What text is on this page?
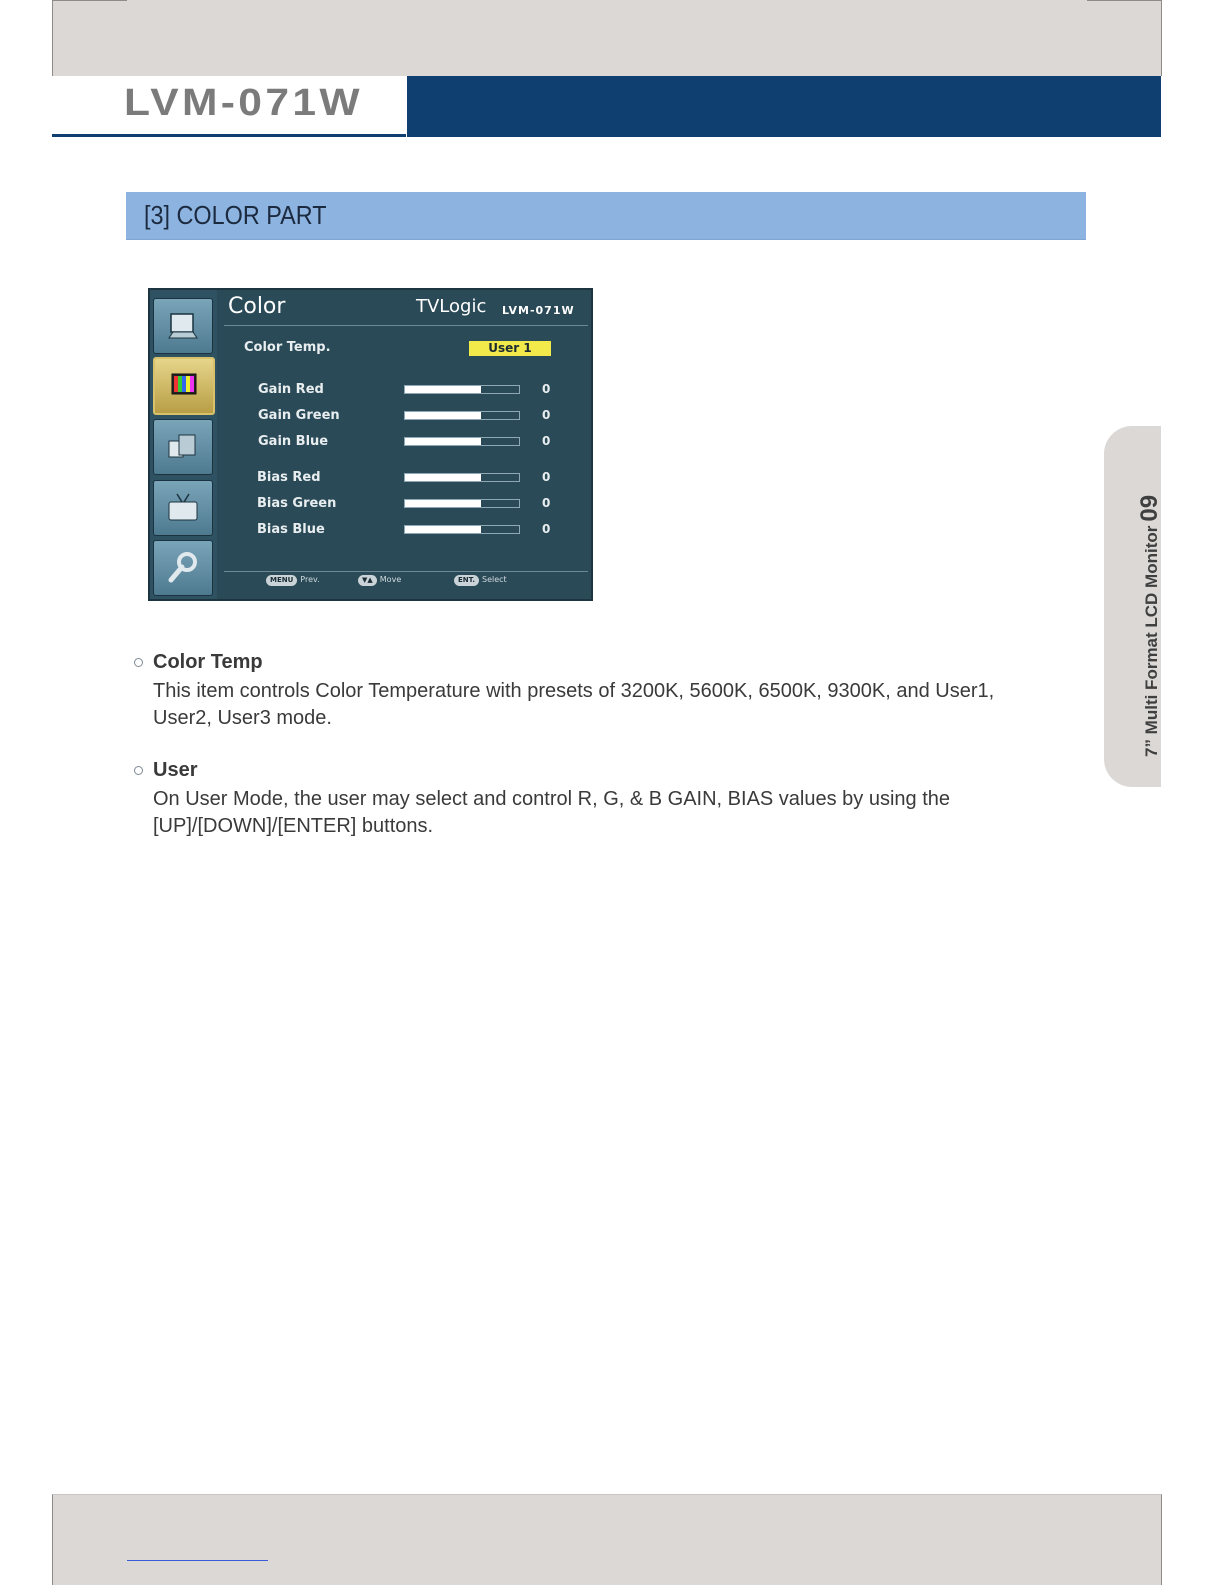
LVM-071W
[3] COLOR PART
Color	TVLogic LVM-071W
Color Temp.	User 1
Gain Red	0
Gain Green	0
Gain Blue	0
Bias Red	0
Bias Green	0
Bias Blue	0
MENU Prev.	▼▲ Move	ENT. Select
Color Temp
This item controls Color Temperature with presets of 3200K, 5600K, 6500K, 9300K, and User1, User2, User3 mode.
User
On User Mode, the user may select and control R, G, & B GAIN, BIAS values by using the [UP]/[DOWN]/[ENTER] buttons.
7” Multi Format LCD Monitor09
